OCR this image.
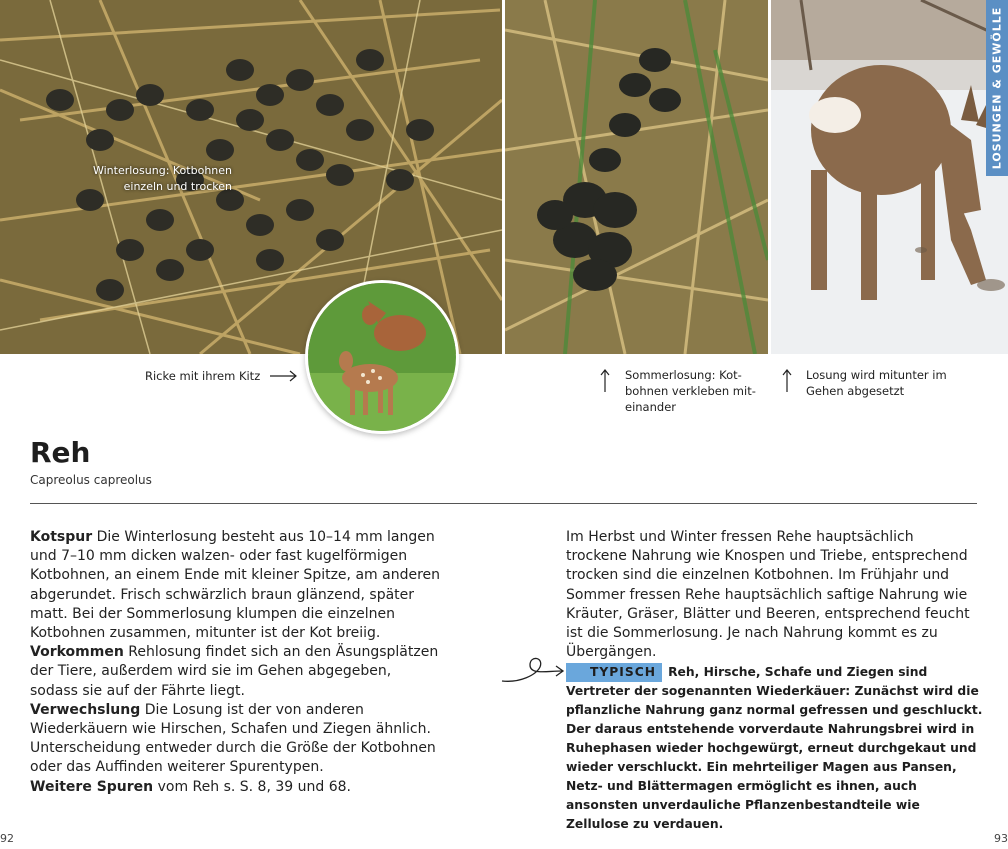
Winterlosung: Kotbohnen einzeln und trocken
LOSUNGEN & GEWÖLLE
Ricke mit ihrem Kitz	Sommerlosung: Kot-bohnen verkleben mit-einander
Losung wird mitunter im Gehen abgesetzt
Reh
Capreolus capreolus

Kotspur Die Winterlosung besteht aus 10–14 mm langen und 7–10 mm dicken walzen- oder fast kugelförmigen Kotbohnen, an einem Ende mit kleiner Spitze, am anderen abgerundet. Frisch schwärzlich braun glänzend, später matt. Bei der Sommerlosung klumpen die einzelnen Kotbohnen zusammen, mitunter ist der Kot breiig.

Vorkommen Rehlosung findet sich an den Äsungsplätzen der Tiere, außerdem wird sie im Gehen abgegeben, sodass sie auf der Fährte liegt.

Verwechslung Die Losung ist der von anderen Wiederkäuern wie Hirschen, Schafen und Ziegen ähnlich. Unterscheidung entweder durch die Größe der Kotbohnen oder das Auffinden weiterer Spurentypen.

Weitere Spuren vom Reh s. S. 8, 39 und 68.

Im Herbst und Winter fressen Rehe hauptsächlich trockene Nahrung wie Knospen und Triebe, entsprechend trocken sind die einzelnen Kotbohnen. Im Frühjahr und Sommer fressen Rehe hauptsächlich saftige Nahrung wie Kräuter, Gräser, Blätter und Beeren, entsprechend feucht ist die Sommerlosung. Je nach Nahrung kommt es zu Übergängen.

TYPISCH Reh, Hirsche, Schafe und Ziegen sind Vertreter der sogenannten Wiederkäuer: Zunächst wird die pflanzliche Nahrung ganz normal gefressen und geschluckt. Der daraus entstehende vorverdaute Nahrungsbrei wird in Ruhephasen wieder hochgewürgt, erneut durchgekaut und wieder verschluckt. Ein mehrteiliger Magen aus Pansen, Netz- und Blättermagen ermöglicht es ihnen, auch ansonsten unverdauliche Pflanzenbestandteile wie Zellulose zu verdauen.
92	93
